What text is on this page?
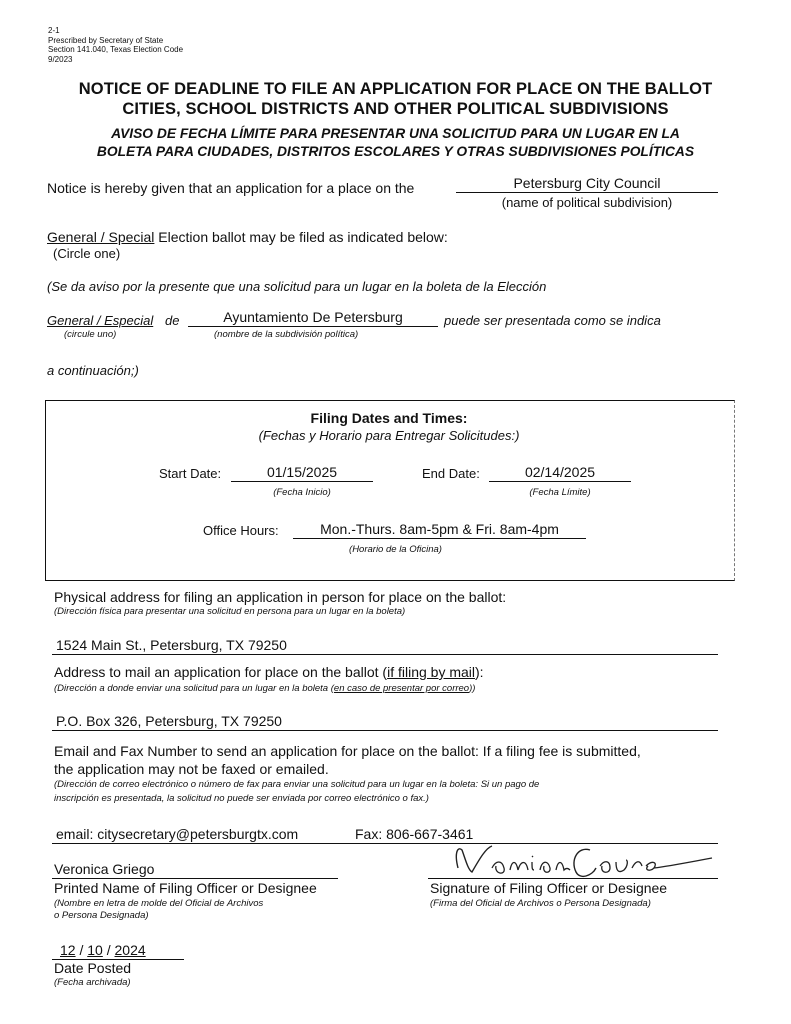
2-1
Prescribed by Secretary of State
Section 141.040, Texas Election Code
9/2023
NOTICE OF DEADLINE TO FILE AN APPLICATION FOR PLACE ON THE BALLOT
CITIES, SCHOOL DISTRICTS AND OTHER POLITICAL SUBDIVISIONS
AVISO DE FECHA LÍMITE PARA PRESENTAR UNA SOLICITUD PARA UN LUGAR EN LA
BOLETA PARA CIUDADES, DISTRITOS ESCOLARES Y OTRAS SUBDIVISIONES POLÍTICAS
Notice is hereby given that an application for a place on the	Petersburg City Council
(name of political subdivision)
General / Special Election ballot may be filed as indicated below:
(Circle one)
(Se da aviso por la presente que una solicitud para un lugar en la boleta de la Elección
General / Especial de	Ayuntamiento De Petersburg	puede ser presentada como se indica
(circule uno)	(nombre de la subdivisión política)
a continuación;)
Filing Dates and Times:
(Fechas y Horario para Entregar Solicitudes:)
Start Date:	01/15/2025
(Fecha Inicio)
End Date:	02/14/2025
(Fecha Límite)
Office Hours:	Mon.-Thurs. 8am-5pm & Fri. 8am-4pm
(Horario de la Oficina)
Physical address for filing an application in person for place on the ballot:
(Dirección física para presentar una solicitud en persona para un lugar en la boleta)
1524 Main St., Petersburg, TX 79250
Address to mail an application for place on the ballot (if filing by mail):
(Dirección a donde enviar una solicitud para un lugar en la boleta (en caso de presentar por correo))
P.O. Box 326, Petersburg, TX 79250
Email and Fax Number to send an application for place on the ballot: If a filing fee is submitted,
the application may not be faxed or emailed.
(Dirección de correo electrónico o número de fax para enviar una solicitud para un lugar en la boleta: Si un pago de
inscripción es presentada, la solicitud no puede ser enviada por correo electrónico o fax.)
email: citysecretary@petersburgtx.com	Fax: 806-667-3461
Veronica Griego
Printed Name of Filing Officer or Designee
(Nombre en letra de molde del Oficial de Archivos
o Persona Designada)
Signature of Filing Officer or Designee
(Firma del Oficial de Archivos o Persona Designada)
12 / 10 / 2024
Date Posted
(Fecha archivada)
